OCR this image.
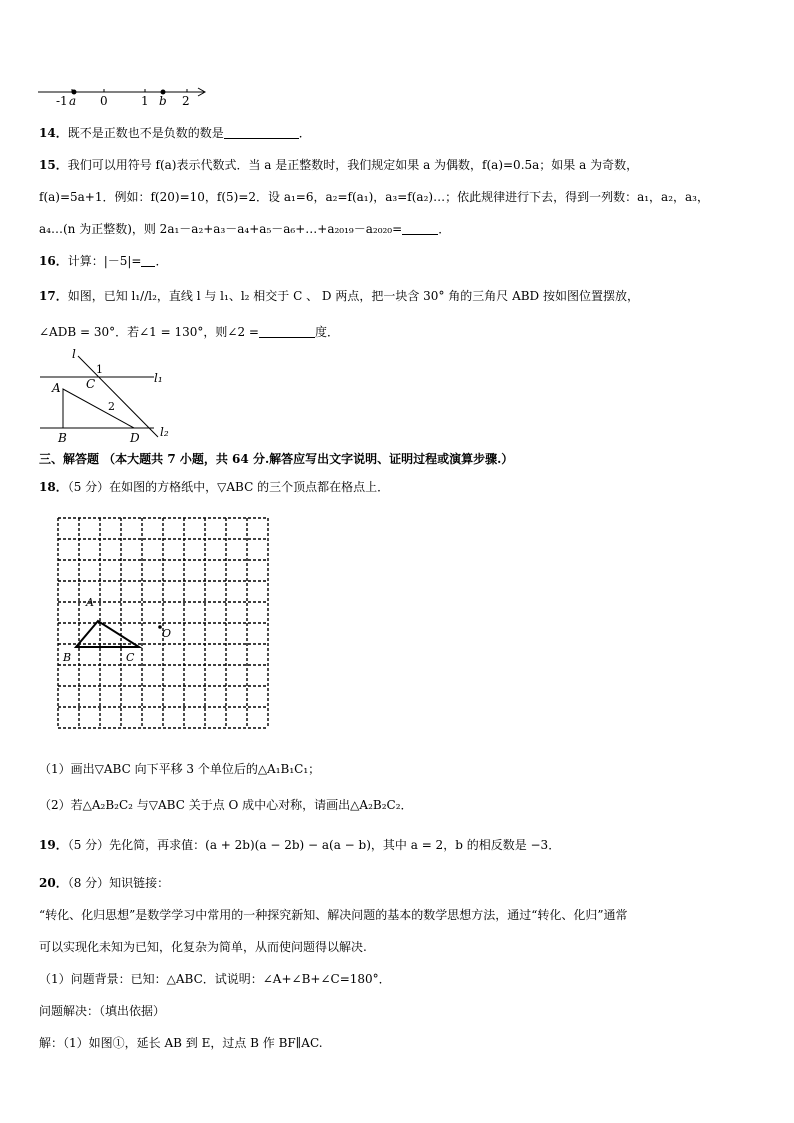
-1 a 0	1 b 2
14．既不是正数也不是负数的数是	．
15．我们可以用符号 f(a)表示代数式．当 a 是正整数时，我们规定如果 a 为偶数，f(a)=0.5a；如果 a 为奇数，
f(a)=5a+1．例如：f(20)=10，f(5)=2．设 a₁=6，a₂=f(a₁)，a₃=f(a₂)…；依此规律进行下去，得到一列数：a₁，a₂，a₃，
a₄…(n 为正整数)，则 2a₁－a₂+a₃－a₄+a₅－a₆+…+a₂₀₁₉－a₂₀₂₀=	．
16．计算：|－5|= ．
17．如图，已知 l₁//l₂，直线 l 与 l₁、l₂ 相交于 C 、 D 两点，把一块含 30° 角的三角尺 ABD 按如图位置摆放，
∠ADB = 30°．若∠1 = 130°，则∠2 =	度．
l
1
C	l₁
A
2
B	D l₂
三、解答题 （本大题共 7 小题，共 64 分.解答应写出文字说明、证明过程或演算步骤.）
18．（5 分）在如图的方格纸中，▽ABC 的三个顶点都在格点上．
A
B	C
O
（1）画出▽ABC 向下平移 3 个单位后的△A₁B₁C₁；
（2）若△A₂B₂C₂ 与▽ABC 关于点 O 成中心对称，请画出△A₂B₂C₂．
19．（5 分）先化简，再求值：(a + 2b)(a − 2b) − a(a − b)，其中 a = 2，b 的相反数是 −3．
20．（8 分）知识链接：
“转化、化归思想”是数学学习中常用的一种探究新知、解决问题的基本的数学思想方法，通过“转化、化归”通常
可以实现化未知为已知，化复杂为简单，从而使问题得以解决.
（1）问题背景：已知：△ABC．试说明：∠A+∠B+∠C=180°．
问题解决：（填出依据）
解：（1）如图①，延长 AB 到 E，过点 B 作 BF∥AC.
